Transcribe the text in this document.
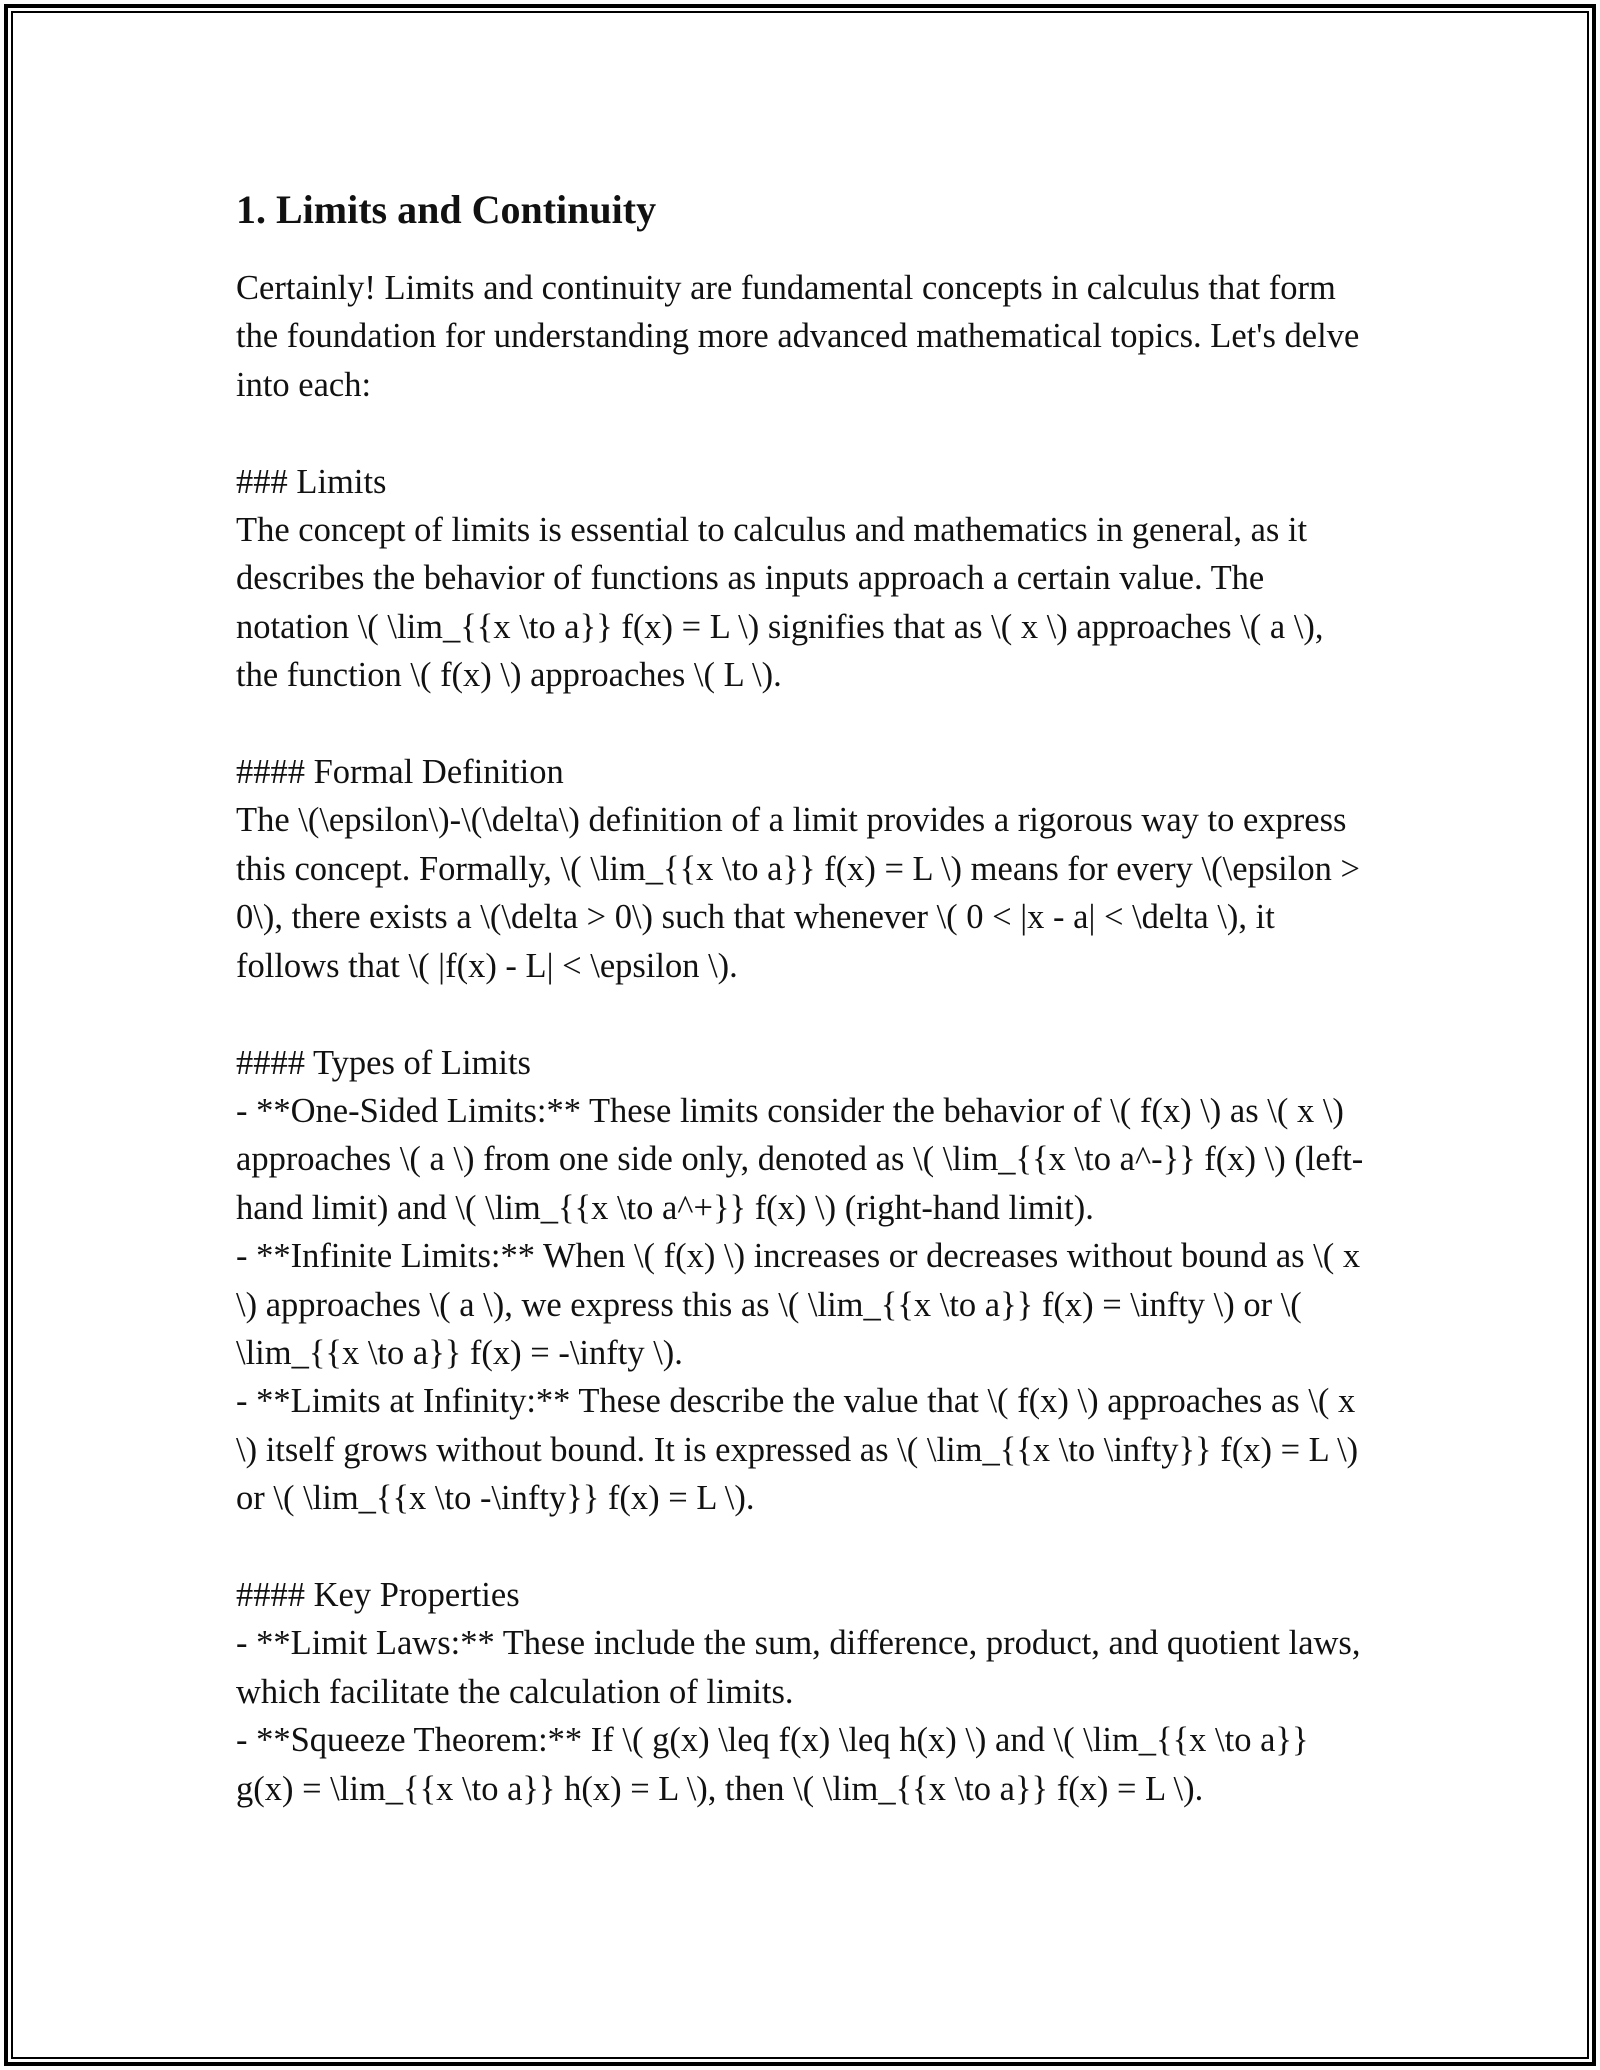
1. Limits and Continuity

Certainly! Limits and continuity are fundamental concepts in calculus that form the foundation for understanding more advanced mathematical topics. Let's delve into each:

### Limits
The concept of limits is essential to calculus and mathematics in general, as it describes the behavior of functions as inputs approach a certain value. The notation \( \lim_{{x \to a}} f(x) = L \) signifies that as \( x \) approaches \( a \), the function \( f(x) \) approaches \( L \).

#### Formal Definition
The \(\epsilon\)-\(\delta\) definition of a limit provides a rigorous way to express this concept. Formally, \( \lim_{{x \to a}} f(x) = L \) means for every \(\epsilon > 0\), there exists a \(\delta > 0\) such that whenever \( 0 < |x - a| < \delta \), it follows that \( |f(x) - L| < \epsilon \).

#### Types of Limits
- **One-Sided Limits:** These limits consider the behavior of \( f(x) \) as \( x \) approaches \( a \) from one side only, denoted as \( \lim_{{x \to a^-}} f(x) \) (left-hand limit) and \( \lim_{{x \to a^+}} f(x) \) (right-hand limit).
- **Infinite Limits:** When \( f(x) \) increases or decreases without bound as \( x \) approaches \( a \), we express this as \( \lim_{{x \to a}} f(x) = \infty \) or \( \lim_{{x \to a}} f(x) = -\infty \).
- **Limits at Infinity:** These describe the value that \( f(x) \) approaches as \( x \) itself grows without bound. It is expressed as \( \lim_{{x \to \infty}} f(x) = L \) or \( \lim_{{x \to -\infty}} f(x) = L \).

#### Key Properties
- **Limit Laws:** These include the sum, difference, product, and quotient laws, which facilitate the calculation of limits.
- **Squeeze Theorem:** If \( g(x) \leq f(x) \leq h(x) \) and \( \lim_{{x \to a}} g(x) = \lim_{{x \to a}} h(x) = L \), then \( \lim_{{x \to a}} f(x) = L \).
